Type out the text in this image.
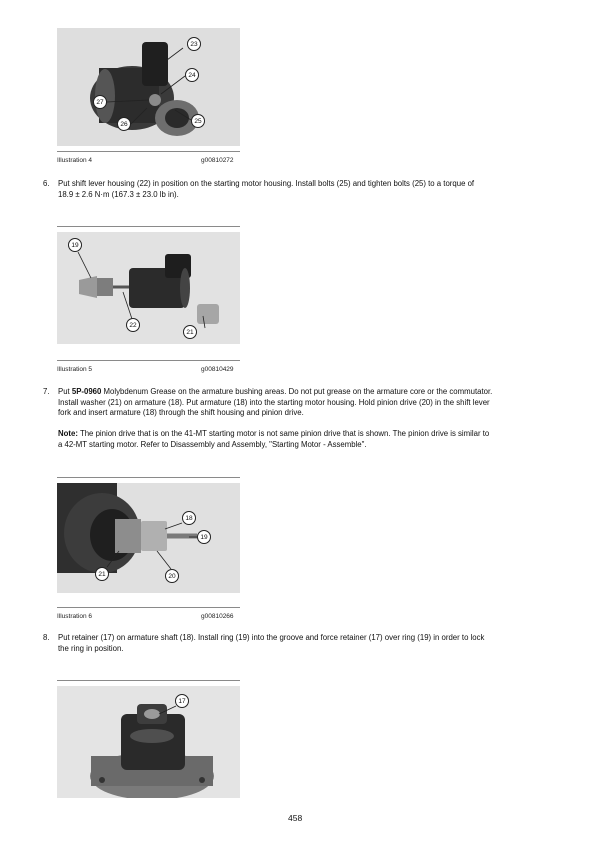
23
24
27
26	25
Illustration 4	g00810272
6. Put shift lever housing (22) in position on the starting motor housing. Install bolts (25) and tighten bolts (25) to a torque of
18.9 ± 2.6 N·m (167.3 ± 23.0 lb in).
19
22
21
Illustration 5	g00810429
7. Put 5P-0960 Molybdenum Grease on the armature bushing areas. Do not put grease on the armature core or the commutator.
Install washer (21) on armature (18). Put armature (18) into the starting motor housing. Hold pinion drive (20) in the shift lever
fork and insert armature (18) through the shift housing and pinion drive.
Note: The pinion drive that is on the 41-MT starting motor is not same pinion drive that is shown. The pinion drive is similar to
a 42-MT starting motor. Refer to Disassembly and Assembly, "Starting Motor - Assemble".
18
19
21	20
Illustration 6	g00810266
8. Put retainer (17) on armature shaft (18). Install ring (19) into the groove and force retainer (17) over ring (19) in order to lock
the ring in position.
17
458
